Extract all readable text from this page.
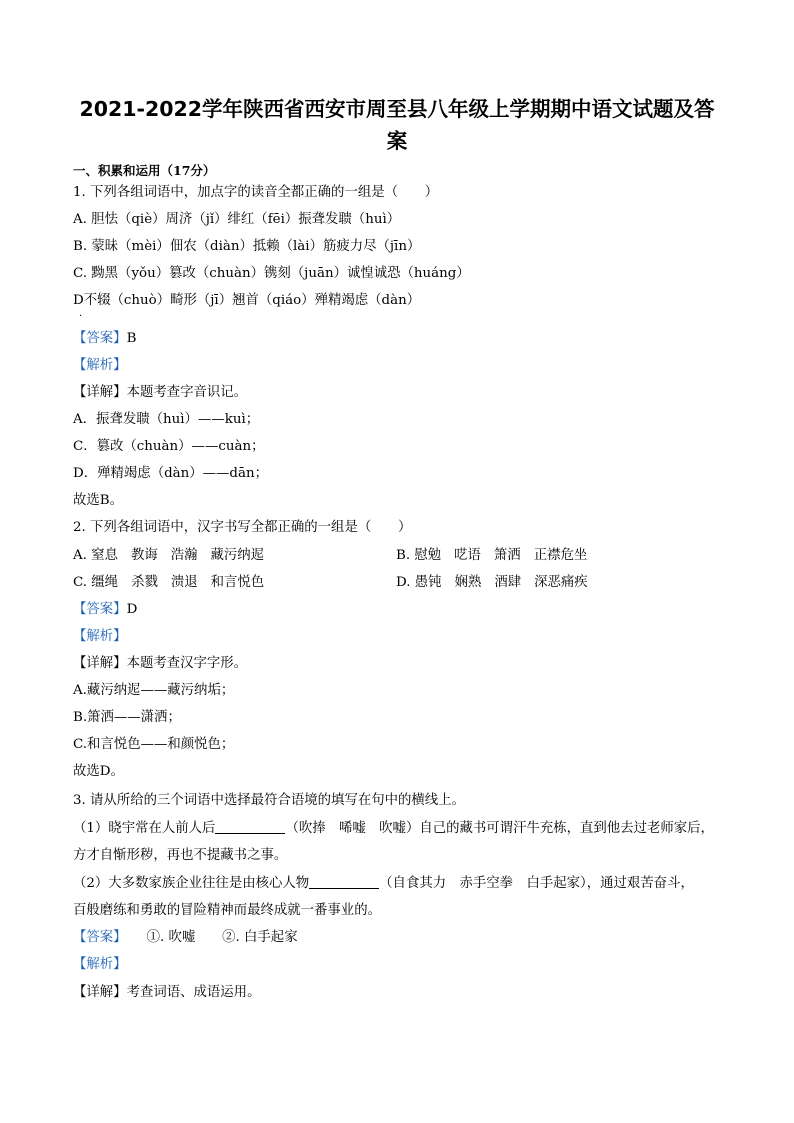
2021-2022学年陕西省西安市周至县八年级上学期期中语文试题及答
案
一、积累和运用（17分）
1. 下列各组词语中，加点字的读音全都正确的一组是（　　）
A. 胆怯（qiè）周济（jǐ）绯红（fēi）振聋发聩（huì）
B. 蒙昧（mèi）佃农（diàn）抵赖（lài）筋疲力尽（jīn）
C. 黝黑（yǒu）篡改（chuàn）镌刻（juān）诚惶诚恐（huáng）
D不辍（chuò）畸形（jī）翘首（qiáo）殚精竭虑（dàn）
·
【答案】B
【解析】
【详解】本题考查字音识记。
A．振聋发聩（huì）——kuì；
C．篡改（chuàn）——cuàn；
D．殚精竭虑（dàn）——dān；
故选B。
2. 下列各组词语中，汉字书写全都正确的一组是（　　）
A. 窒息 教诲 浩瀚 藏污纳迡	B. 慰勉 呓语 箫洒 正襟危坐
C. 缰绳 杀戮 溃退 和言悦色	D. 愚钝 娴熟 酒肆 深恶痛疾
【答案】D
【解析】
【详解】本题考查汉字字形。
A.藏污纳迡——藏污纳垢；
B.箫洒——潇洒；
C.和言悦色——和颜悦色；
故选D。
3. 请从所给的三个词语中选择最符合语境的填写在句中的横线上。
（1）晓宇常在人前人后	（吹捧　唏嘘　吹嘘）自己的藏书可谓汗牛充栋，直到他去过老师家后，
方才自惭形秽，再也不提藏书之事。
（2）大多数家族企业往往是由核心人物	（自食其力　赤手空拳　白手起家），通过艰苦奋斗，
百般磨练和勇敢的冒险精神而最终成就一番事业的。
【答案】　　①. 吹嘘　　②. 白手起家
【解析】
【详解】考查词语、成语运用。
